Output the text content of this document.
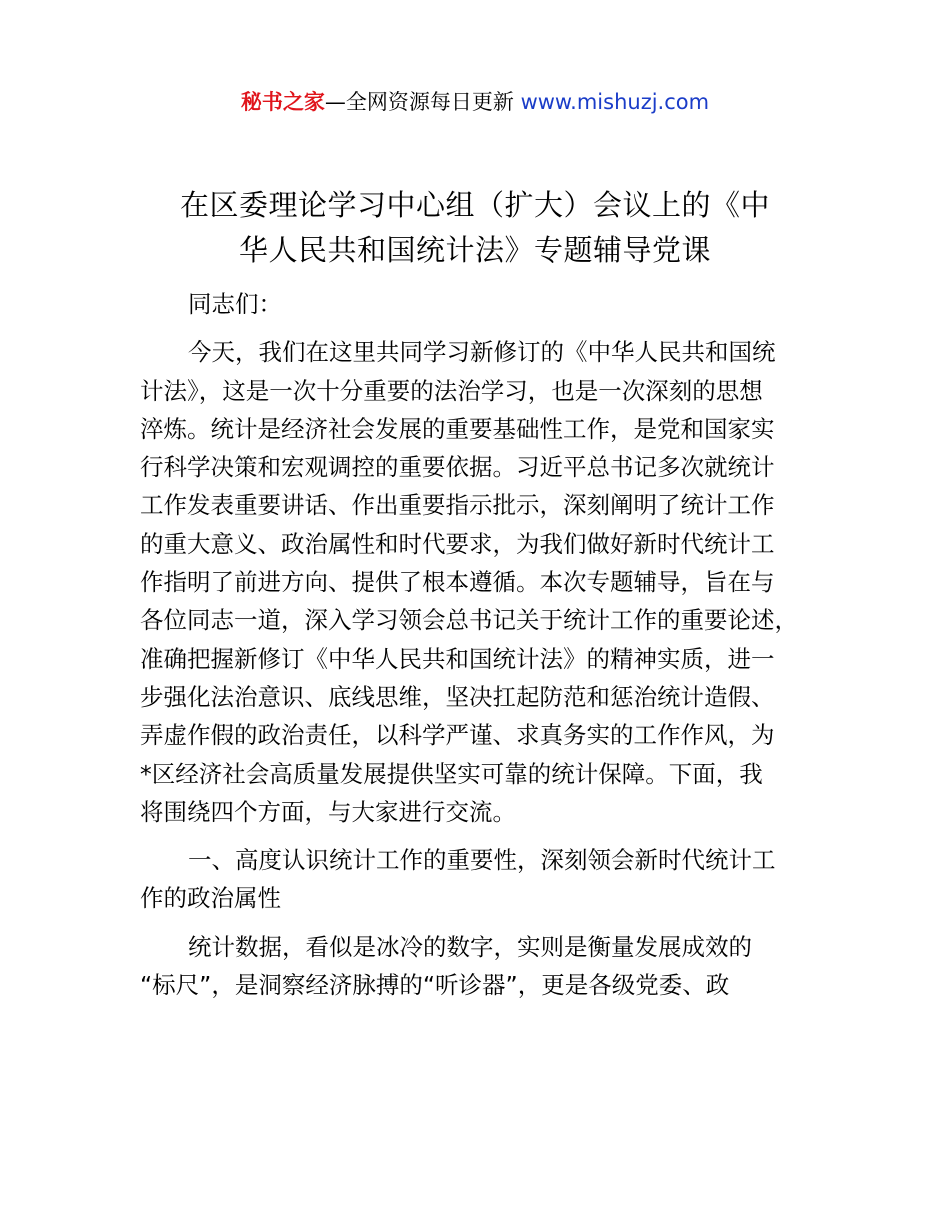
秘书之家—全网资源每日更新 www.mishuzj.com
在区委理论学习中心组（扩大）会议上的《中
华人民共和国统计法》专题辅导党课

同志们：

今天，我们在这里共同学习新修订的《中华人民共和国统
计法》，这是一次十分重要的法治学习，也是一次深刻的思想
淬炼。统计是经济社会发展的重要基础性工作，是党和国家实
行科学决策和宏观调控的重要依据。习近平总书记多次就统计
工作发表重要讲话、作出重要指示批示，深刻阐明了统计工作
的重大意义、政治属性和时代要求，为我们做好新时代统计工
作指明了前进方向、提供了根本遵循。本次专题辅导，旨在与
各位同志一道，深入学习领会总书记关于统计工作的重要论述，
准确把握新修订《中华人民共和国统计法》的精神实质，进一
步强化法治意识、底线思维，坚决扛起防范和惩治统计造假、
弄虚作假的政治责任，以科学严谨、求真务实的工作作风，为
*区经济社会高质量发展提供坚实可靠的统计保障。下面，我
将围绕四个方面，与大家进行交流。

一、高度认识统计工作的重要性，深刻领会新时代统计工
作的政治属性

统计数据，看似是冰冷的数字，实则是衡量发展成效的
“标尺”，是洞察经济脉搏的“听诊器”，更是各级党委、政
